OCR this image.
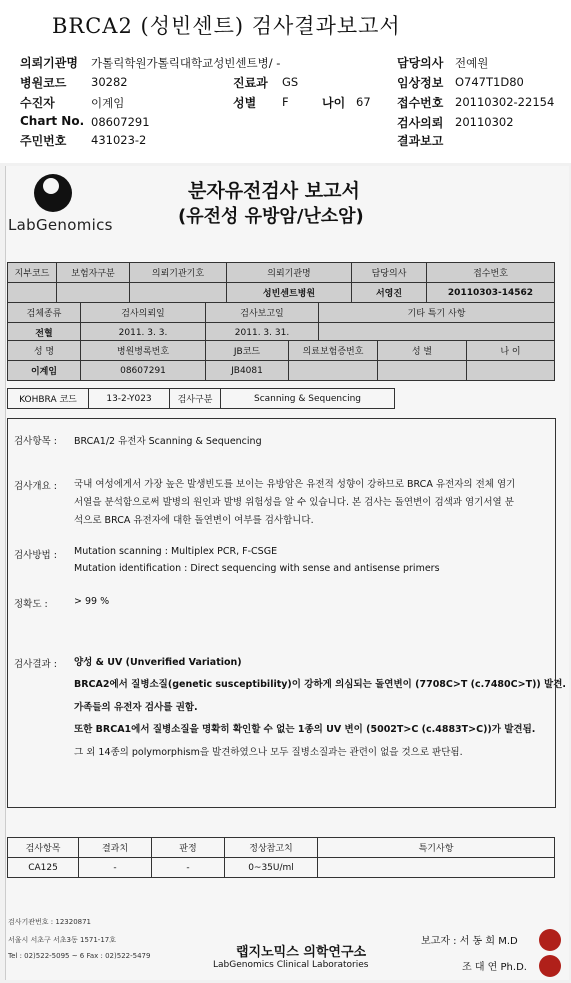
BRCA2 (성빈센트) 검사결과보고서
의뢰기관명 가톨릭학원가톨릭대학교성빈센트병/ -	담당의사 전예원
병원코드 30282	진료과 GS	임상정보 O747T1D80
수진자	이계임	성별 F	나이 67 접수번호 20110302-22154
Chart No. 08607291	검사의뢰 20110302
주민번호 431023-2	결과보고
LabGenomics
분자유전검사 보고서
(유전성 유방암/난소암)
지부코드	보험자구분	의뢰기관기호	의뢰기관명	담당의사	접수번호
			성빈센트병원	서영진	20110303-14562
검체종류	검사의뢰일	검사보고일	기타 특기 사항
전혈	2011. 3. 3.	2011. 3. 31.	
성 명	병원병록번호	JB코드	의료보험증번호	성 별	나 이
이계임	08607291	JB4081			
KOHBRA 코드	13-2-Y023	검사구분	Scanning & Sequencing
검사항목 : BRCA1/2 유전자 Scanning & Sequencing
검사개요 : 국내 여성에게서 가장 높은 발생빈도를 보이는 유방암은 유전적 성향이 강하므로 BRCA 유전자의 전체 염기
서열을 분석함으로써 발병의 원인과 발병 위험성을 알 수 있습니다. 본 검사는 돌연변이 검색과 염기서열 분
석으로 BRCA 유전자에 대한 돌연변이 여부를 검사합니다.
검사방법 : Mutation scanning : Multiplex PCR, F-CSGE
Mutation identification : Direct sequencing with sense and antisense primers
정확도 :	> 99 %
검사결과 : 양성 & UV (Unverified Variation)
BRCA2에서 질병소질(genetic susceptibility)이 강하게 의심되는 돌연변이 (7708C>T (c.7480C>T)) 발견.
가족들의 유전자 검사를 권함.
또한 BRCA1에서 질병소질을 명확히 확인할 수 없는 1종의 UV 변이 (5002T>C (c.4883T>C))가 발견됨.
그 외 14종의 polymorphism을 발견하였으나 모두 질병소질과는 관련이 없을 것으로 판단됨.
검사항목	결과치	판정	정상참고치	특기사항
CA125	-	-	0~35U/ml	
검사기관번호 : 12320871
서울시 서초구 서초3동 1571-17호
Tel : 02)522-5095 ~ 6 Fax : 02)522-5479	랩지노믹스 의학연구소
LabGenomics Clinical Laboratories
보고자 : 서 동 희 M.D
조 대 연 Ph.D.
